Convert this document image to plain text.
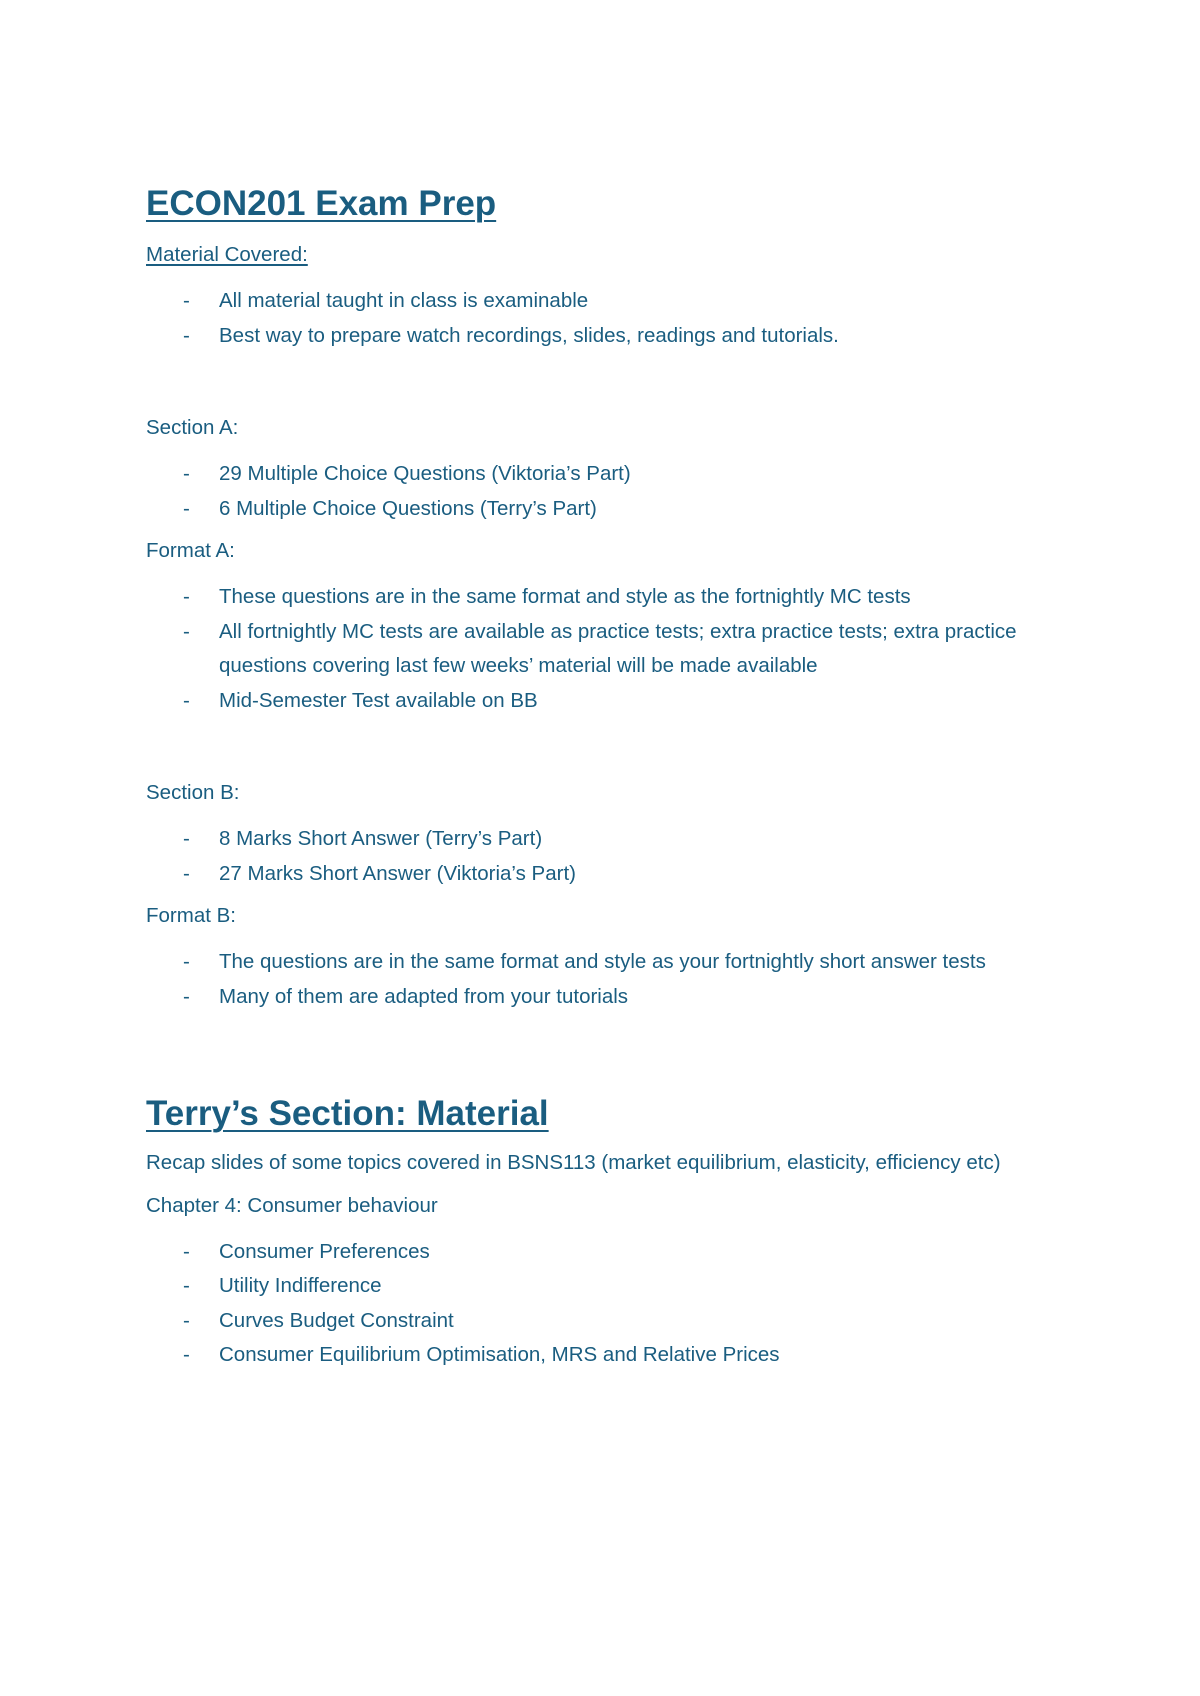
ECON201 Exam Prep

Material Covered:

- All material taught in class is examinable
- Best way to prepare watch recordings, slides, readings and tutorials.

Section A:

- 29 Multiple Choice Questions (Viktoria’s Part)
- 6 Multiple Choice Questions (Terry’s Part)

Format A:

- These questions are in the same format and style as the fortnightly MC tests
- All fortnightly MC tests are available as practice tests; extra practice tests; extra practice questions covering last few weeks’ material will be made available
- Mid-Semester Test available on BB

Section B:

- 8 Marks Short Answer (Terry’s Part)
- 27 Marks Short Answer (Viktoria’s Part)

Format B:

- The questions are in the same format and style as your fortnightly short answer tests
- Many of them are adapted from your tutorials
Terry’s Section: Material

Recap slides of some topics covered in BSNS113 (market equilibrium, elasticity, efficiency etc)

Chapter 4: Consumer behaviour

- Consumer Preferences
- Utility Indifference
- Curves Budget Constraint
- Consumer Equilibrium Optimisation, MRS and Relative Prices
